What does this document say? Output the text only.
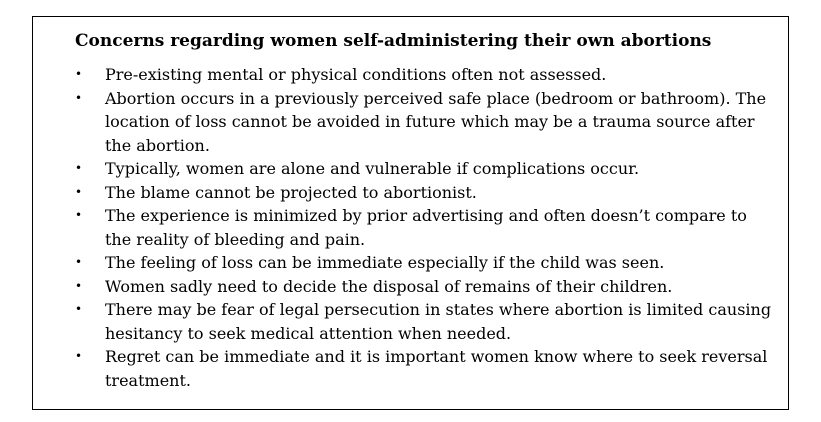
Concerns regarding women self-administering their own abortions
• Pre-existing mental or physical conditions often not assessed.
• Abortion occurs in a previously perceived safe place (bedroom or bathroom). The location of loss cannot be avoided in future which may be a trauma source after the abortion.
• Typically, women are alone and vulnerable if complications occur.
• The blame cannot be projected to abortionist.
• The experience is minimized by prior advertising and often doesn’t compare to the reality of bleeding and pain.
• The feeling of loss can be immediate especially if the child was seen.
• Women sadly need to decide the disposal of remains of their children.
• There may be fear of legal persecution in states where abortion is limited causing hesitancy to seek medical attention when needed.
• Regret can be immediate and it is important women know where to seek reversal treatment.
